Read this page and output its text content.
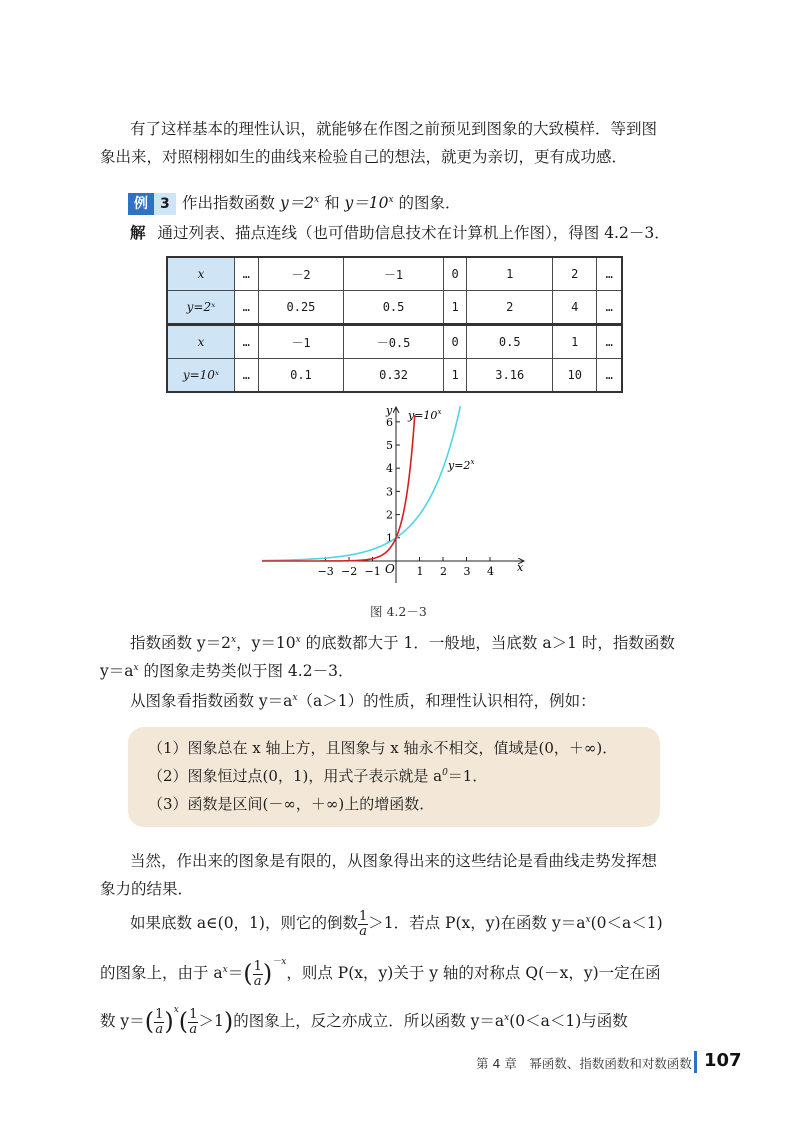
有了这样基本的理性认识，就能够在作图之前预见到图象的大致模样．等到图

象出来，对照栩栩如生的曲线来检验自己的想法，就更为亲切，更有成功感．

例 3 作出指数函数 $y=2^x$ 和 $y=10^x$ 的图象．

解 通过列表、描点连线（也可借助信息技术在计算机上作图），得图 4.2－3．

x	…	－2	－1	0	1	2	…
y=2ˣ	…	0.25	0.5	1	2	4	…
x	…	－1	－0.5	0	0.5	1	…
y=10ˣ	…	0.1	0.32	1	3.16	10	…
−3 −2 −1	1 2 3 4
1
2
3
4
5
6
$y=10^x$
$y=2^x$
x
y
O
图 4.2－3

指数函数 $y=2^x$，$y=10^x$ 的底数都大于 1．一般地，当底数 a＞1 时，指数函数

$y=a^x$ 的图象走势类似于图 4.2－3．

从图象看指数函数 $y=a^x(a>1)$的性质，和理性认识相符，例如：

（1）图象总在 x 轴上方，且图象与 x 轴永不相交，值域是(0，＋∞)．
（2）图象恒过点(0，1)，用式子表示就是 $a^0=1$．
（3）函数是区间(－∞，＋∞)上的增函数．

当然，作出来的图象是有限的，从图象得出来的这些结论是看曲线走势发挥想

象力的结果．

如果底数 a∈(0，1)，则它的倒数 $\frac{1}{a} >1$．若点 P(x，y)在函数 $y=a^x(0<a<1)$

的图象上，由于 $a^x=( \frac{1}{a} )^{-x}$，则点 P(x，y)关于 y 轴的对称点 Q(－x，y)一定在函

数 $y=( \frac{1}{a} )^x( \frac{1}{a} >1)$的图象上，反之亦成立．所以函数 $y=a^x(0<a<1)$与函数

第 4 章　幂函数、指数函数和对数函数 107
